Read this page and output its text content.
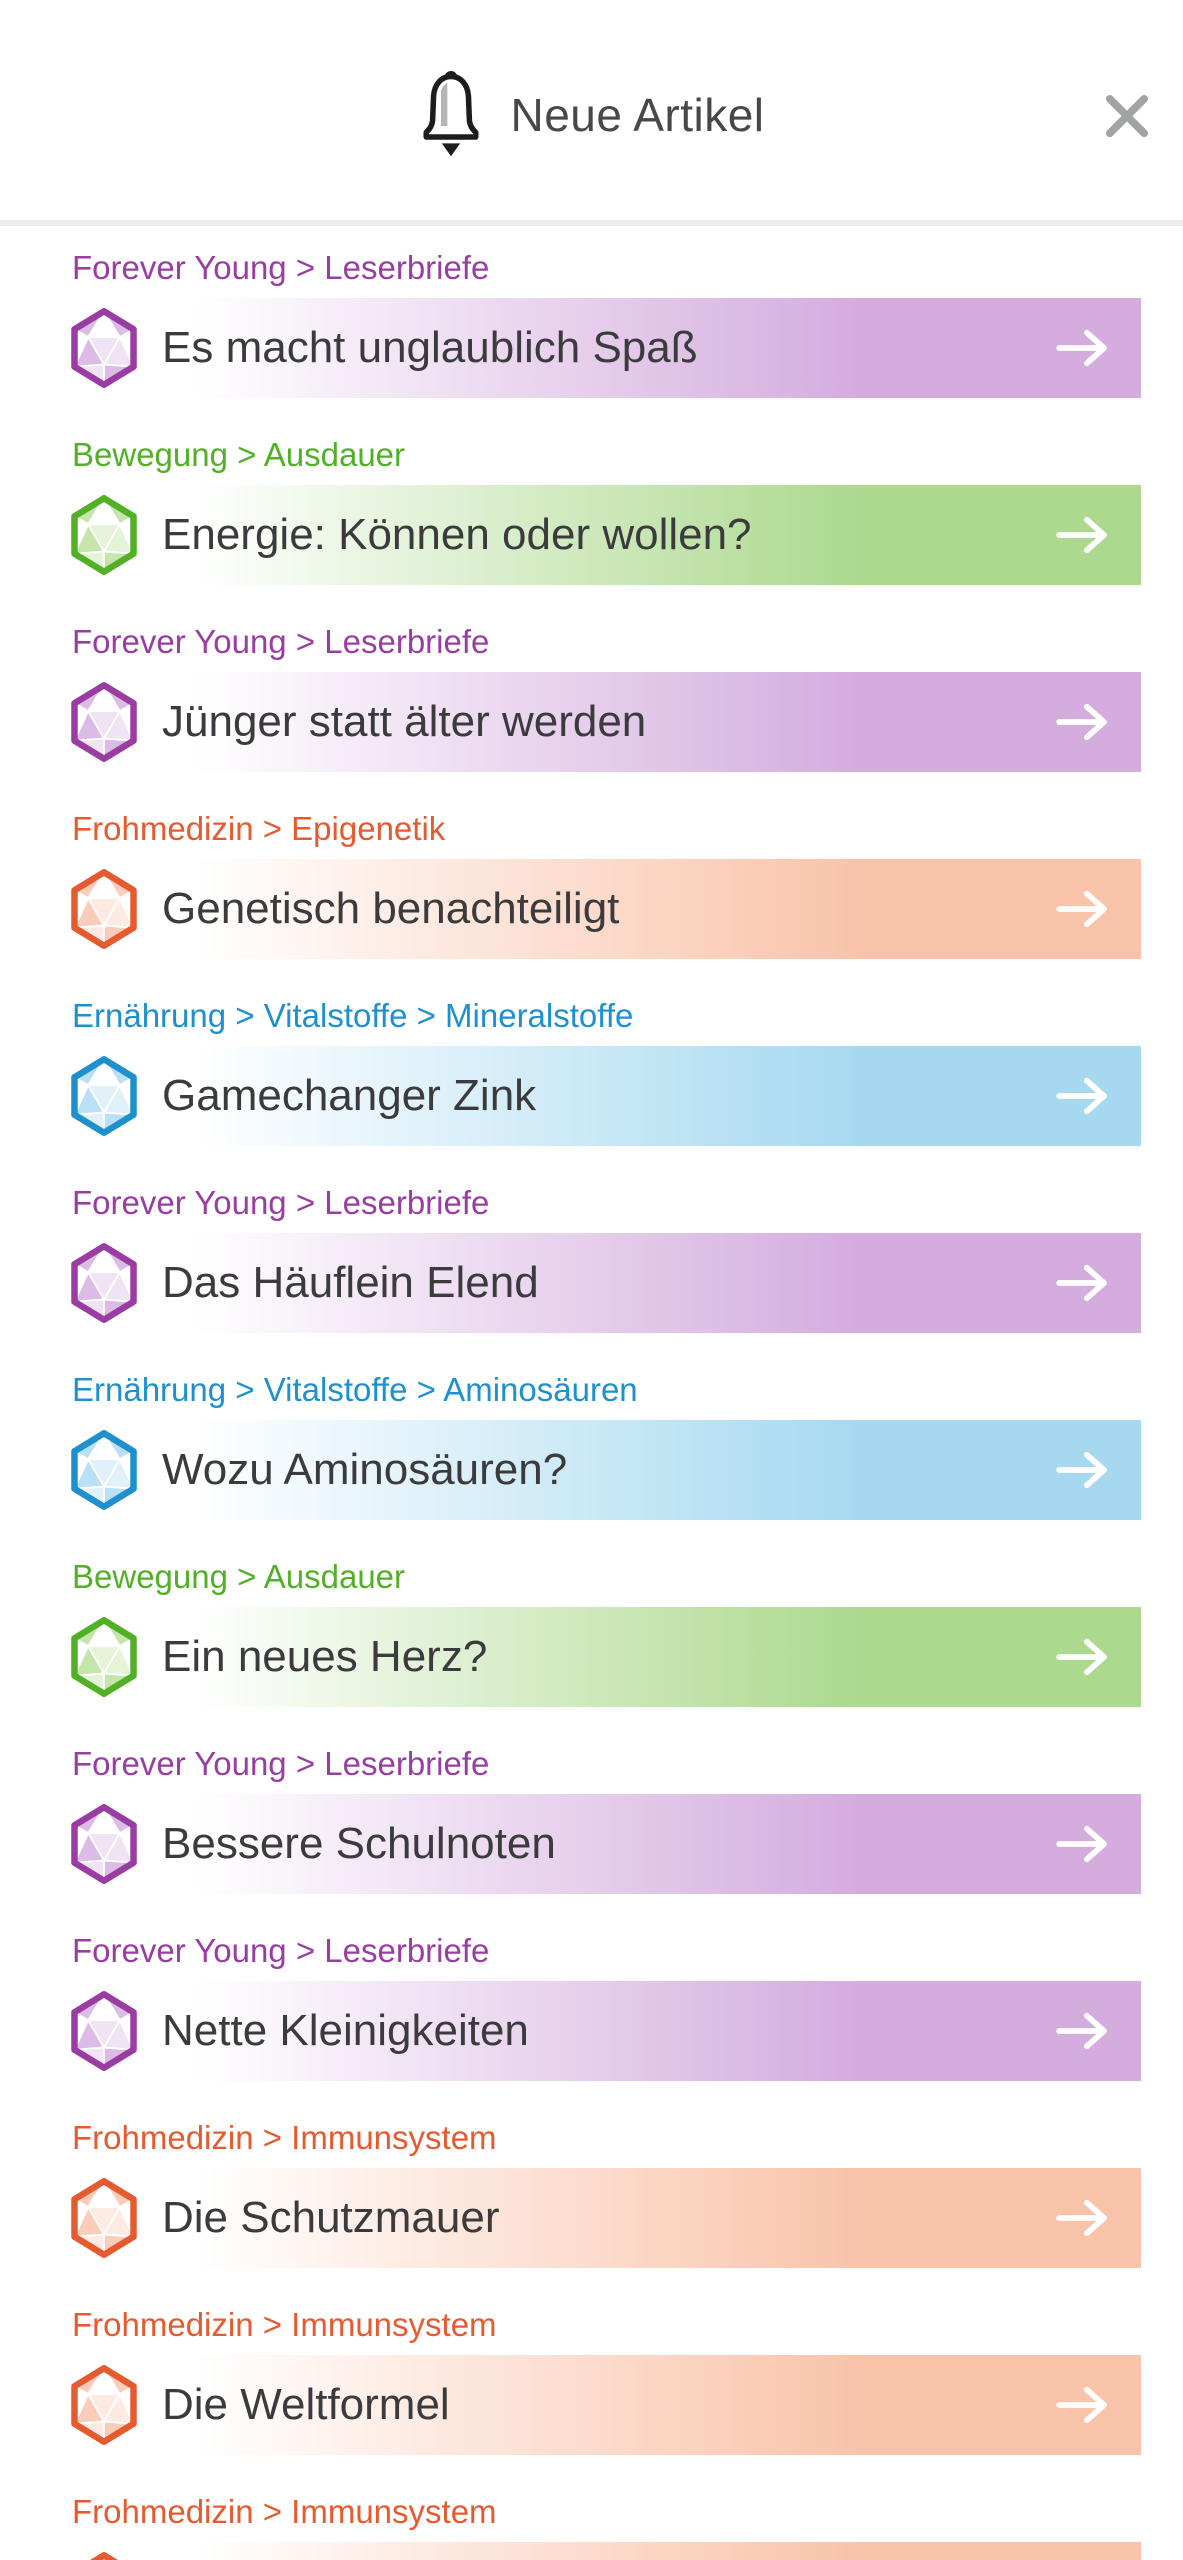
Neue Artikel
Forever Young > Leserbriefe
Es macht unglaublich Spaß
Bewegung > Ausdauer
Energie: Können oder wollen?
Forever Young > Leserbriefe
Jünger statt älter werden
Frohmedizin > Epigenetik
Genetisch benachteiligt
Ernährung > Vitalstoffe > Mineralstoffe
Gamechanger Zink
Forever Young > Leserbriefe
Das Häuflein Elend
Ernährung > Vitalstoffe > Aminosäuren
Wozu Aminosäuren?
Bewegung > Ausdauer
Ein neues Herz?
Forever Young > Leserbriefe
Bessere Schulnoten
Forever Young > Leserbriefe
Nette Kleinigkeiten
Frohmedizin > Immunsystem
Die Schutzmauer
Frohmedizin > Immunsystem
Die Weltformel
Frohmedizin > Immunsystem
